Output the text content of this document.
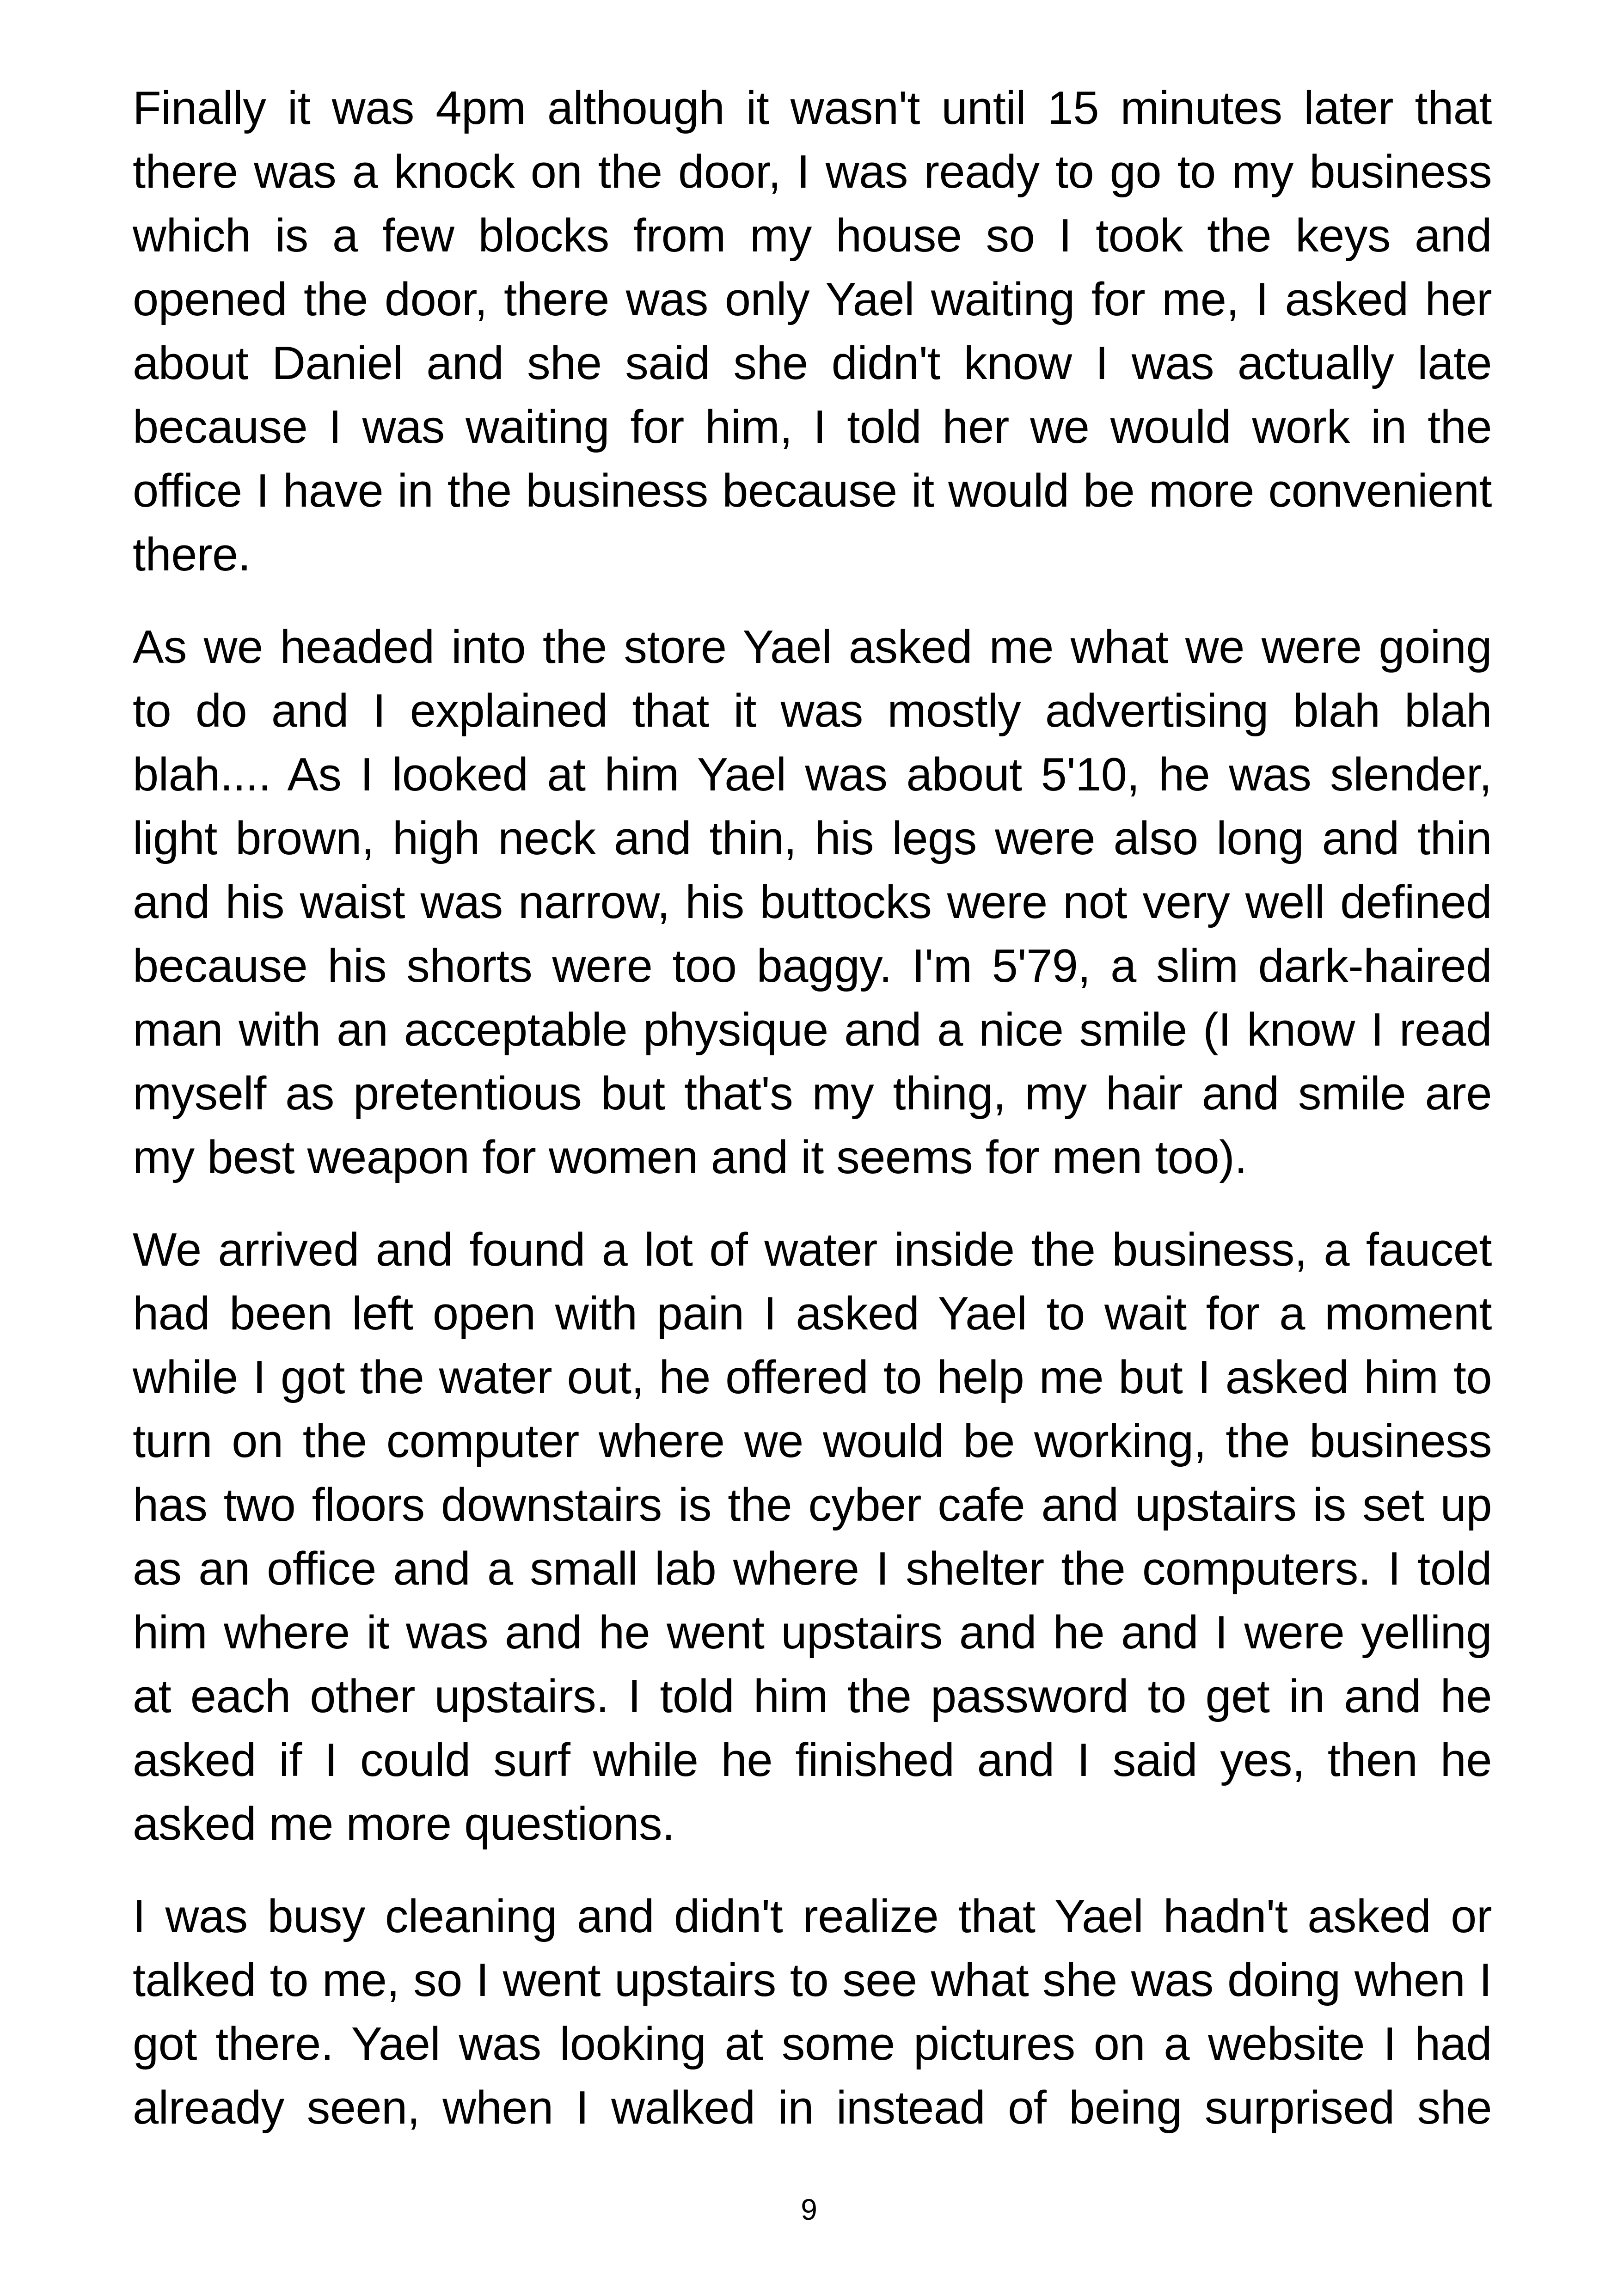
Finally it was 4pm although it wasn't until 15 minutes later that there was a knock on the door, I was ready to go to my business which is a few blocks from my house so I took the keys and opened the door, there was only Yael waiting for me, I asked her about Daniel and she said she didn't know I was actually late because I was waiting for him, I told her we would work in the office I have in the business because it would be more convenient there.

As we headed into the store Yael asked me what we were going to do and I explained that it was mostly advertising blah blah blah.... As I looked at him Yael was about 5'10, he was slender, light brown, high neck and thin, his legs were also long and thin and his waist was narrow, his buttocks were not very well defined because his shorts were too baggy. I'm 5'79, a slim dark-haired man with an acceptable physique and a nice smile (I know I read myself as pretentious but that's my thing, my hair and smile are my best weapon for women and it seems for men too).

We arrived and found a lot of water inside the business, a faucet had been left open with pain I asked Yael to wait for a moment while I got the water out, he offered to help me but I asked him to turn on the computer where we would be working, the business has two floors downstairs is the cyber cafe and upstairs is set up as an office and a small lab where I shelter the computers. I told him where it was and he went upstairs and he and I were yelling at each other upstairs. I told him the password to get in and he asked if I could surf while he finished and I said yes, then he asked me more questions.

I was busy cleaning and didn't realize that Yael hadn't asked or talked to me, so I went upstairs to see what she was doing when I got there. Yael was looking at some pictures on a website I had already seen, when I walked in instead of being surprised she

9
